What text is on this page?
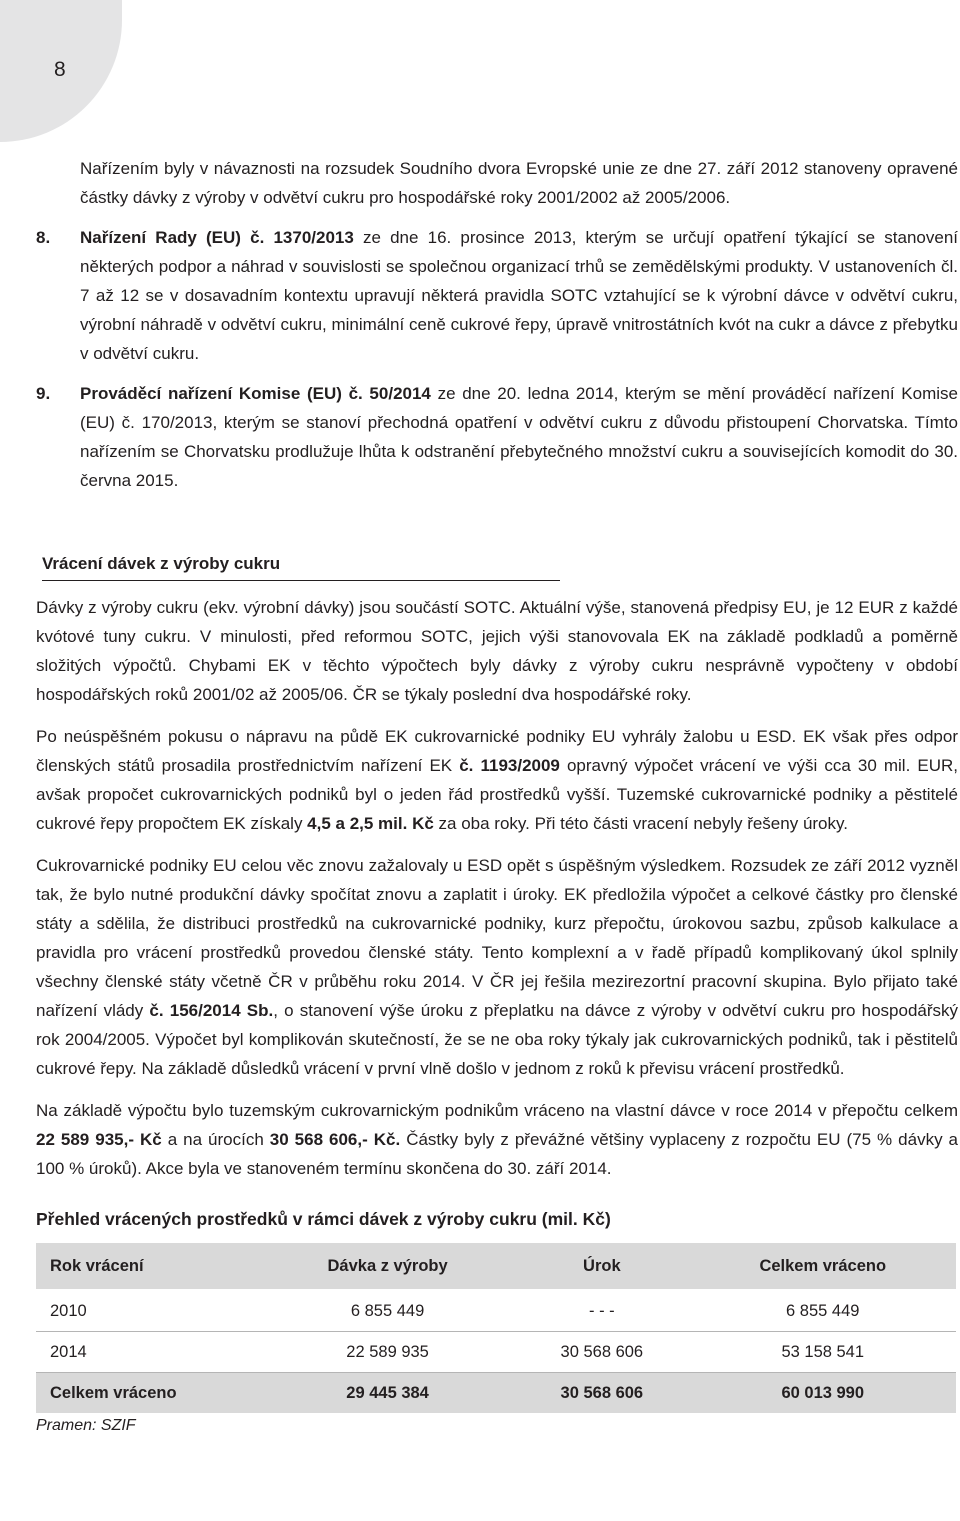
8

Nařízením byly v návaznosti na rozsudek Soudního dvora Evropské unie ze dne 27. září 2012 stanoveny opravené částky dávky z výroby v odvětví cukru pro hospodářské roky 2001/2002 až 2005/2006.

8. Nařízení Rady (EU) č. 1370/2013 ze dne 16. prosince 2013, kterým se určují opatření týkající se stanovení některých podpor a náhrad v souvislosti se společnou organizací trhů se zemědělskými produkty. V ustanoveních čl. 7 až 12 se v dosavadním kontextu upravují některá pravidla SOTC vztahující se k výrobní dávce v odvětví cukru, výrobní náhradě v odvětví cukru, minimální ceně cukrové řepy, úpravě vnitrostátních kvót na cukr a dávce z přebytku v odvětví cukru.
9. Prováděcí nařízení Komise (EU) č. 50/2014 ze dne 20. ledna 2014, kterým se mění prováděcí nařízení Komise (EU) č. 170/2013, kterým se stanoví přechodná opatření v odvětví cukru z důvodu přistoupení Chorvatska. Tímto nařízením se Chorvatsku prodlužuje lhůta k odstranění přebytečného množství cukru a souvisejících komodit do 30. června 2015.
Vrácení dávek z výroby cukru

Dávky z výroby cukru (ekv. výrobní dávky) jsou součástí SOTC. Aktuální výše, stanovená předpisy EU, je 12 EUR z každé kvótové tuny cukru. V minulosti, před reformou SOTC, jejich výši stanovovala EK na základě podkladů a poměrně složitých výpočtů. Chybami EK v těchto výpočtech byly dávky z výroby cukru nesprávně vypočteny v období hospodářských roků 2001/02 až 2005/06. ČR se týkaly poslední dva hospodářské roky.

Po neúspěšném pokusu o nápravu na půdě EK cukrovarnické podniky EU vyhrály žalobu u ESD. EK však přes odpor členských států prosadila prostřednictvím nařízení EK č. 1193/2009 opravný výpočet vrácení ve výši cca 30 mil. EUR, avšak propočet cukrovarnických podniků byl o jeden řád prostředků vyšší. Tuzemské cukrovarnické podniky a pěstitelé cukrové řepy propočtem EK získaly 4,5 a 2,5 mil. Kč za oba roky. Při této části vracení nebyly řešeny úroky.

Cukrovarnické podniky EU celou věc znovu zažalovaly u ESD opět s úspěšným výsledkem. Rozsudek ze září 2012 vyzněl tak, že bylo nutné produkční dávky spočítat znovu a zaplatit i úroky. EK předložila výpočet a celkové částky pro členské státy a sdělila, že distribuci prostředků na cukrovarnické podniky, kurz přepočtu, úrokovou sazbu, způsob kalkulace a pravidla pro vrácení prostředků provedou členské státy. Tento komplexní a v řadě případů komplikovaný úkol splnily všechny členské státy včetně ČR v průběhu roku 2014. V ČR jej řešila mezirezortní pracovní skupina. Bylo přijato také nařízení vlády č. 156/2014 Sb., o stanovení výše úroku z přeplatku na dávce z výroby v odvětví cukru pro hospodářský rok 2004/2005. Výpočet byl komplikován skutečností, že se ne oba roky týkaly jak cukrovarnických podniků, tak i pěstitelů cukrové řepy. Na základě důsledků vrácení v první vlně došlo v jednom z roků k převisu vrácení prostředků.

Na základě výpočtu bylo tuzemským cukrovarnickým podnikům vráceno na vlastní dávce v roce 2014 v přepočtu celkem 22 589 935,- Kč a na úrocích 30 568 606,- Kč. Částky byly z převážné většiny vyplaceny z rozpočtu EU (75 % dávky a 100 % úroků). Akce byla ve stanoveném termínu skončena do 30. září 2014.

Přehled vrácených prostředků v rámci dávek z výroby cukru (mil. Kč)
Rok vrácení	Dávka z výroby	Úrok	Celkem vráceno
2010	6 855 449	- - -	6 855 449
2014	22 589 935	30 568 606	53 158 541
Celkem vráceno	29 445 384	30 568 606	60 013 990
Pramen: SZIF
